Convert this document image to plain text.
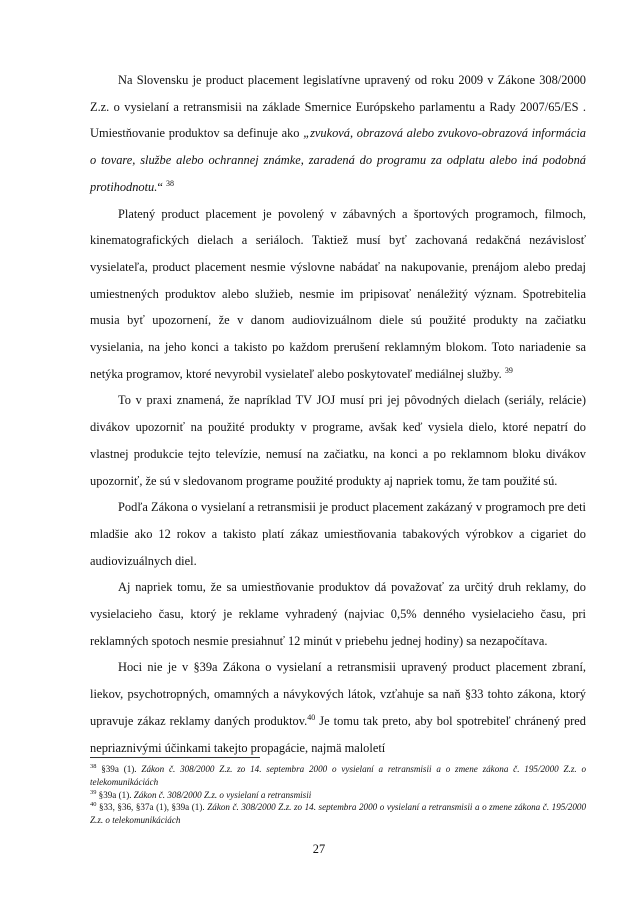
Na Slovensku je product placement legislatívne upravený od roku 2009 v Zákone 308/2000 Z.z. o vysielaní a retransmisii na základe Smernice Európskeho parlamentu a Rady 2007/65/ES . Umiestňovanie produktov sa definuje ako „zvuková, obrazová alebo zvukovo-obrazová informácia o tovare, službe alebo ochrannej známke, zaradená do programu za odplatu alebo iná podobná protihodnotu.“ $^{38}$

Platený product placement je povolený v zábavných a športových programoch, filmoch, kinematografických dielach a seriáloch. Taktiež musí byť zachovaná redakčná nezávislosť vysielateľa, product placement nesmie výslovne nabádať na nakupovanie, prenájom alebo predaj umiestnených produktov alebo služieb, nesmie im pripisovať nenáležitý význam. Spotrebitelia musia byť upozornení, že v danom audiovizuálnom diele sú použité produkty na začiatku vysielania, na jeho konci a takisto po každom prerušení reklamným blokom. Toto nariadenie sa netýka programov, ktoré nevyrobil vysielateľ alebo poskytovateľ mediálnej služby. $^{39}$

To v praxi znamená, že napríklad TV JOJ musí pri jej pôvodných dielach (seriály, relácie) divákov upozorniť na použité produkty v programe, avšak keď vysiela dielo, ktoré nepatrí do vlastnej produkcie tejto televízie, nemusí na začiatku, na konci a po reklamnom bloku divákov upozorniť, že sú v sledovanom programe použité produkty aj napriek tomu, že tam použité sú.

Podľa Zákona o vysielaní a retransmisii je product placement zakázaný v programoch pre deti mladšie ako 12 rokov a takisto platí zákaz umiestňovania tabakových výrobkov a cigariet do audiovizuálnych diel.

Aj napriek tomu, že sa umiestňovanie produktov dá považovať za určitý druh reklamy, do vysielacieho času, ktorý je reklame vyhradený (najviac 0,5% denného vysielacieho času, pri reklamných spotoch nesmie presiahnuť 12 minút v priebehu jednej hodiny) sa nezapočítava.

Hoci nie je v §39a Zákona o vysielaní a retransmisii upravený product placement zbraní, liekov, psychotropných, omamných a návykových látok, vzťahuje sa naň §33 tohto zákona, ktorý upravuje zákaz reklamy daných produktov.$^{40}$ Je tomu tak preto, aby bol spotrebiteľ chránený pred nepriaznivými účinkami takejto propagácie, najmä maloletí

$^{38}$ §39a (1). Zákon č. 308/2000 Z.z. zo 14. septembra 2000 o vysielaní a retransmisii a o zmene zákona č. 195/2000 Z.z. o telekomunikáciách

$^{39}$ §39a (1). Zákon č. 308/2000 Z.z. o vysielaní a retransmisii

$^{40}$ §33, §36, §37a (1), §39a (1). Zákon č. 308/2000 Z.z. zo 14. septembra 2000 o vysielaní a retransmisii a o zmene zákona č. 195/2000 Z.z. o telekomunikáciách

27
